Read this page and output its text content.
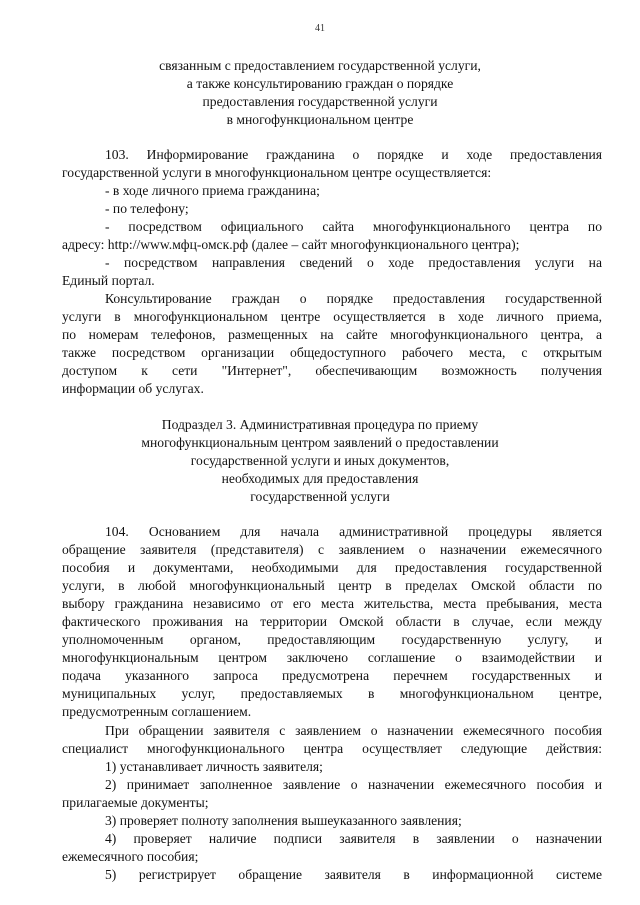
41
связанным с предоставлением государственной услуги,
а также консультированию граждан о порядке
предоставления государственной услуги
в многофункциональном центре
103. Информирование гражданина о порядке и ходе предоставления
государственной услуги в многофункциональном центре осуществляется:
- в ходе личного приема гражданина;
- по телефону;
- посредством официального сайта многофункционального центра по
адресу: http://www.мфц-омск.рф (далее – сайт многофункционального центра);
- посредством направления сведений о ходе предоставления услуги на
Единый портал.
Консультирование граждан о порядке предоставления государственной
услуги в многофункциональном центре осуществляется в ходе личного приема,
по номерам телефонов, размещенных на сайте многофункционального центра, а
также посредством организации общедоступного рабочего места, с открытым
доступом к сети "Интернет", обеспечивающим возможность получения
информации об услугах.
Подраздел 3. Административная процедура по приему
многофункциональным центром заявлений о предоставлении
государственной услуги и иных документов,
необходимых для предоставления
государственной услуги
104. Основанием для начала административной процедуры является
обращение заявителя (представителя) с заявлением о назначении ежемесячного
пособия и документами, необходимыми для предоставления государственной
услуги, в любой многофункциональный центр в пределах Омской области по
выбору гражданина независимо от его места жительства, места пребывания, места
фактического проживания на территории Омской области в случае, если между
уполномоченным органом, предоставляющим государственную услугу, и
многофункциональным центром заключено соглашение о взаимодействии и
подача указанного запроса предусмотрена перечнем государственных и
муниципальных услуг, предоставляемых в многофункциональном центре,
предусмотренным соглашением.
При обращении заявителя с заявлением о назначении ежемесячного пособия
специалист многофункционального центра осуществляет следующие действия:
1) устанавливает личность заявителя;
2) принимает заполненное заявление о назначении ежемесячного пособия и
прилагаемые документы;
3) проверяет полноту заполнения вышеуказанного заявления;
4) проверяет наличие подписи заявителя в заявлении о назначении
ежемесячного пособия;
5) регистрирует обращение заявителя в информационной системе
